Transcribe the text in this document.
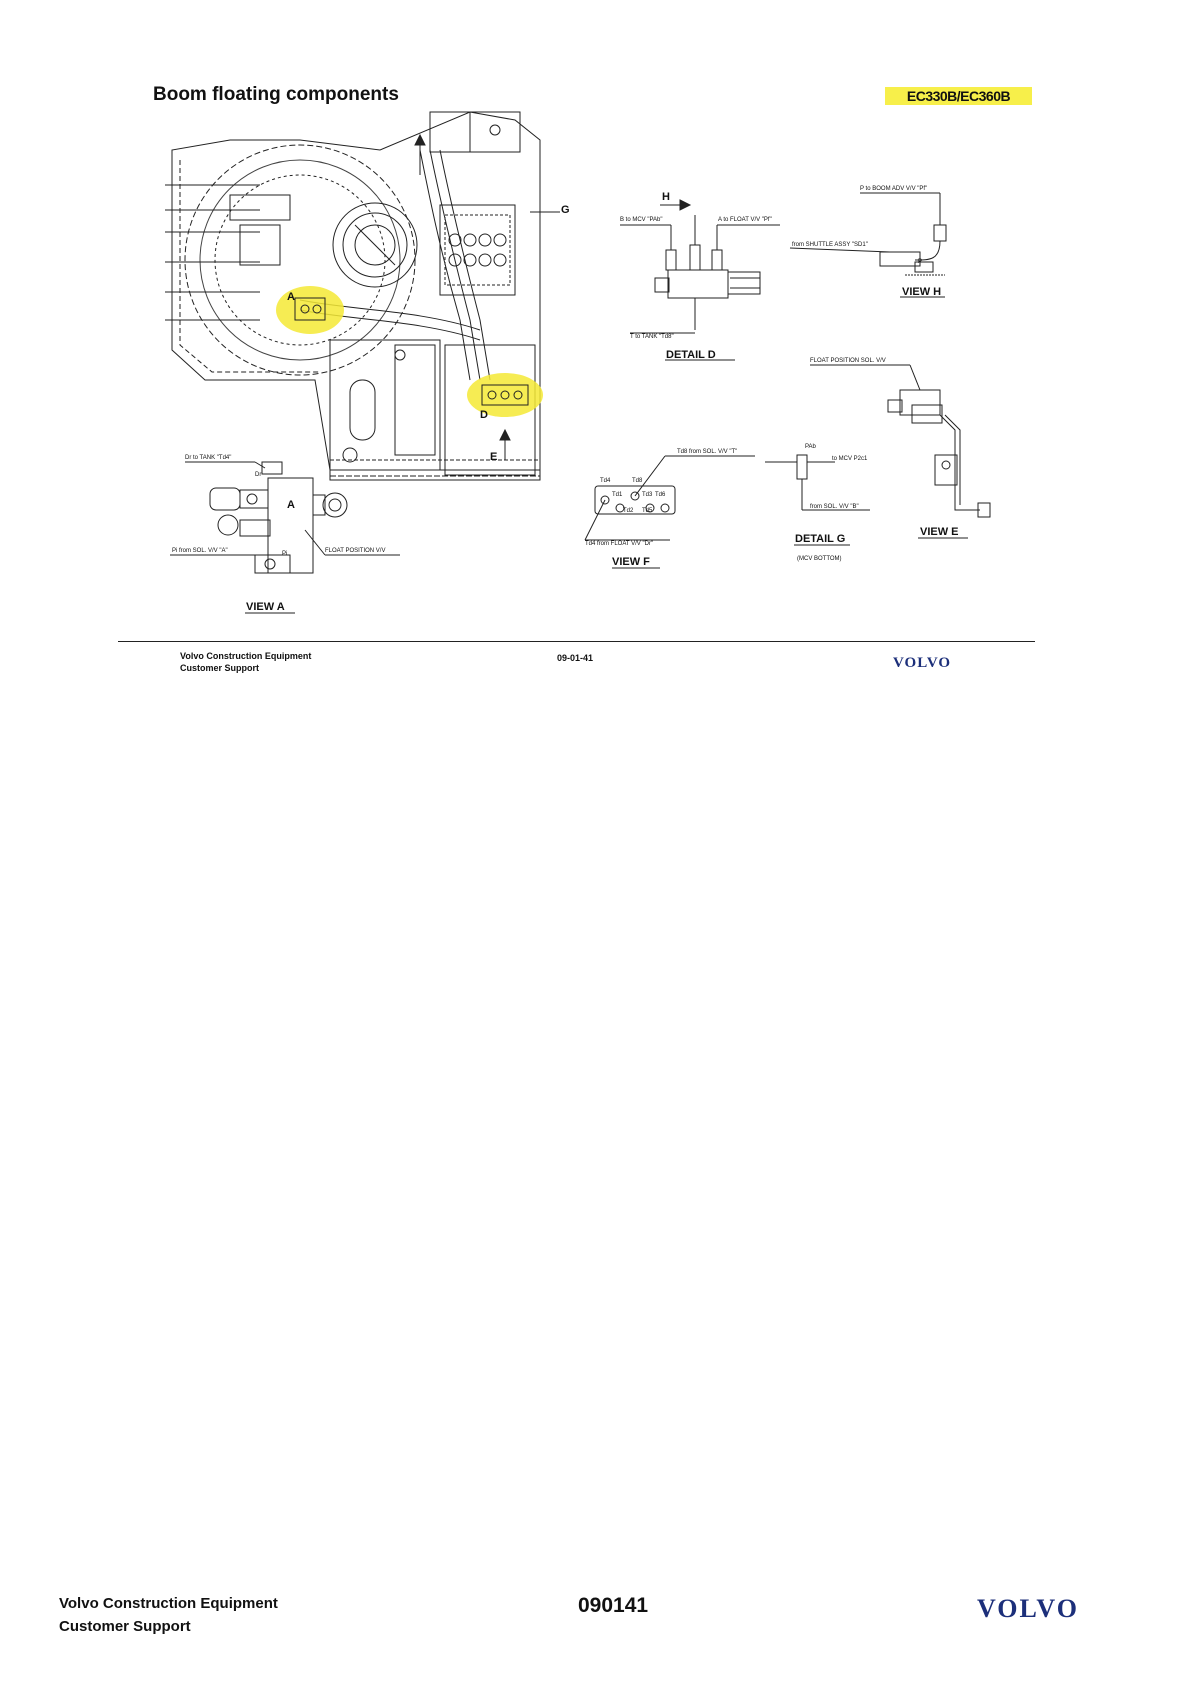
Boom floating components	EC330B/EC360B
G
A
D
E
H
B to MCV "PAb"	A to FLOAT V/V "Pf"
T to TANK "Td8"
DETAIL D
P to BOOM ADV V/V "Pf"
from SHUTTLE ASSY "SD1"
P
VIEW H
FLOAT POSITION SOL. V/V
VIEW E
Dr to TANK "Td4"
Dr
Pi from SOL. V/V "A"	FLOAT POSITION V/V
Pi
A
VIEW A
Td8 from SOL. V/V "T"
Td4	Td8
Td4 from FLOAT V/V "Dr"
Td1
Td2
Td3
Td5
Td6
VIEW F
PAb
to MCV P2c1
from SOL. V/V "B"
DETAIL G
(MCV BOTTOM)
Volvo Construction Equipment
Customer Support
09-01-41	VOLVO
Volvo Construction Equipment
Customer Support
090141	VOLVO
